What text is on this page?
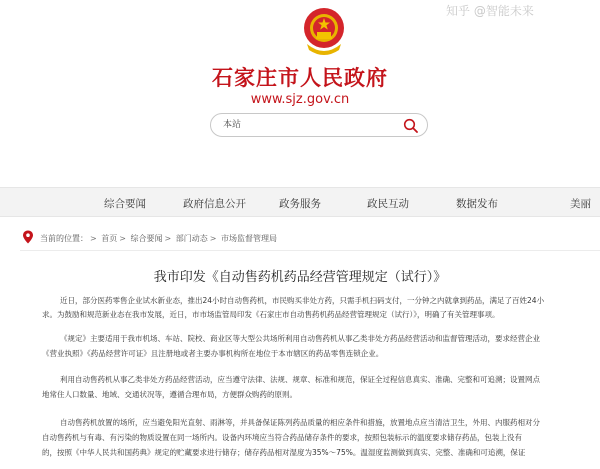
石家庄市人民政府
www.sjz.gov.cn
知乎 @智能未来
本站
综合要闻	政府信息公开	政务服务	政民互动	数据发布	美丽
当前的位置： > 首页 > 综合要闻 > 部门动态 > 市场监督管理局
我市印发《自动售药机药品经营管理规定（试行）》
近日，部分医药零售企业试水新业态，推出24小时自动售药机，市民购买非处方药，只需手机扫码支付，一分钟之内就拿到药品，满足了百姓24小
求。为鼓励和规范新业态在我市发展，近日，市市场监管局印发《石家庄市自动售药机药品经营管理规定（试行）》，明确了有关管理事项。
《规定》主要适用于我市机场、车站、院校、商业区等大型公共场所利用自动售药机从事乙类非处方药品经营活动和监督管理活动，要求经营企业
《营业执照》《药品经营许可证》且注册地或者主要办事机构所在地位于本市辖区的药品零售连锁企业。
利用自动售药机从事乙类非处方药品经营活动，应当遵守法律、法规、规章、标准和规范，保证全过程信息真实、准确、完整和可追溯；设置网点
地常住人口数量、地域、交通状况等，遵循合理布局，方便群众购药的原则。
自动售药机放置的场所，应当避免阳光直射、雨淋等，并具备保证陈列药品质量的相应条件和措施，放置地点应当清洁卫生，外用、内服药相对分
自动售药机与有毒、有污染的物质设置在同一场所内。设备内环境应当符合药品储存条件的要求，按照包装标示的温度要求储存药品，包装上没有
的，按照《中华人民共和国药典》规定的贮藏要求进行储存；储存药品相对湿度为35%～75%。温湿度监测做到真实、完整、准确和可追溯，保证
